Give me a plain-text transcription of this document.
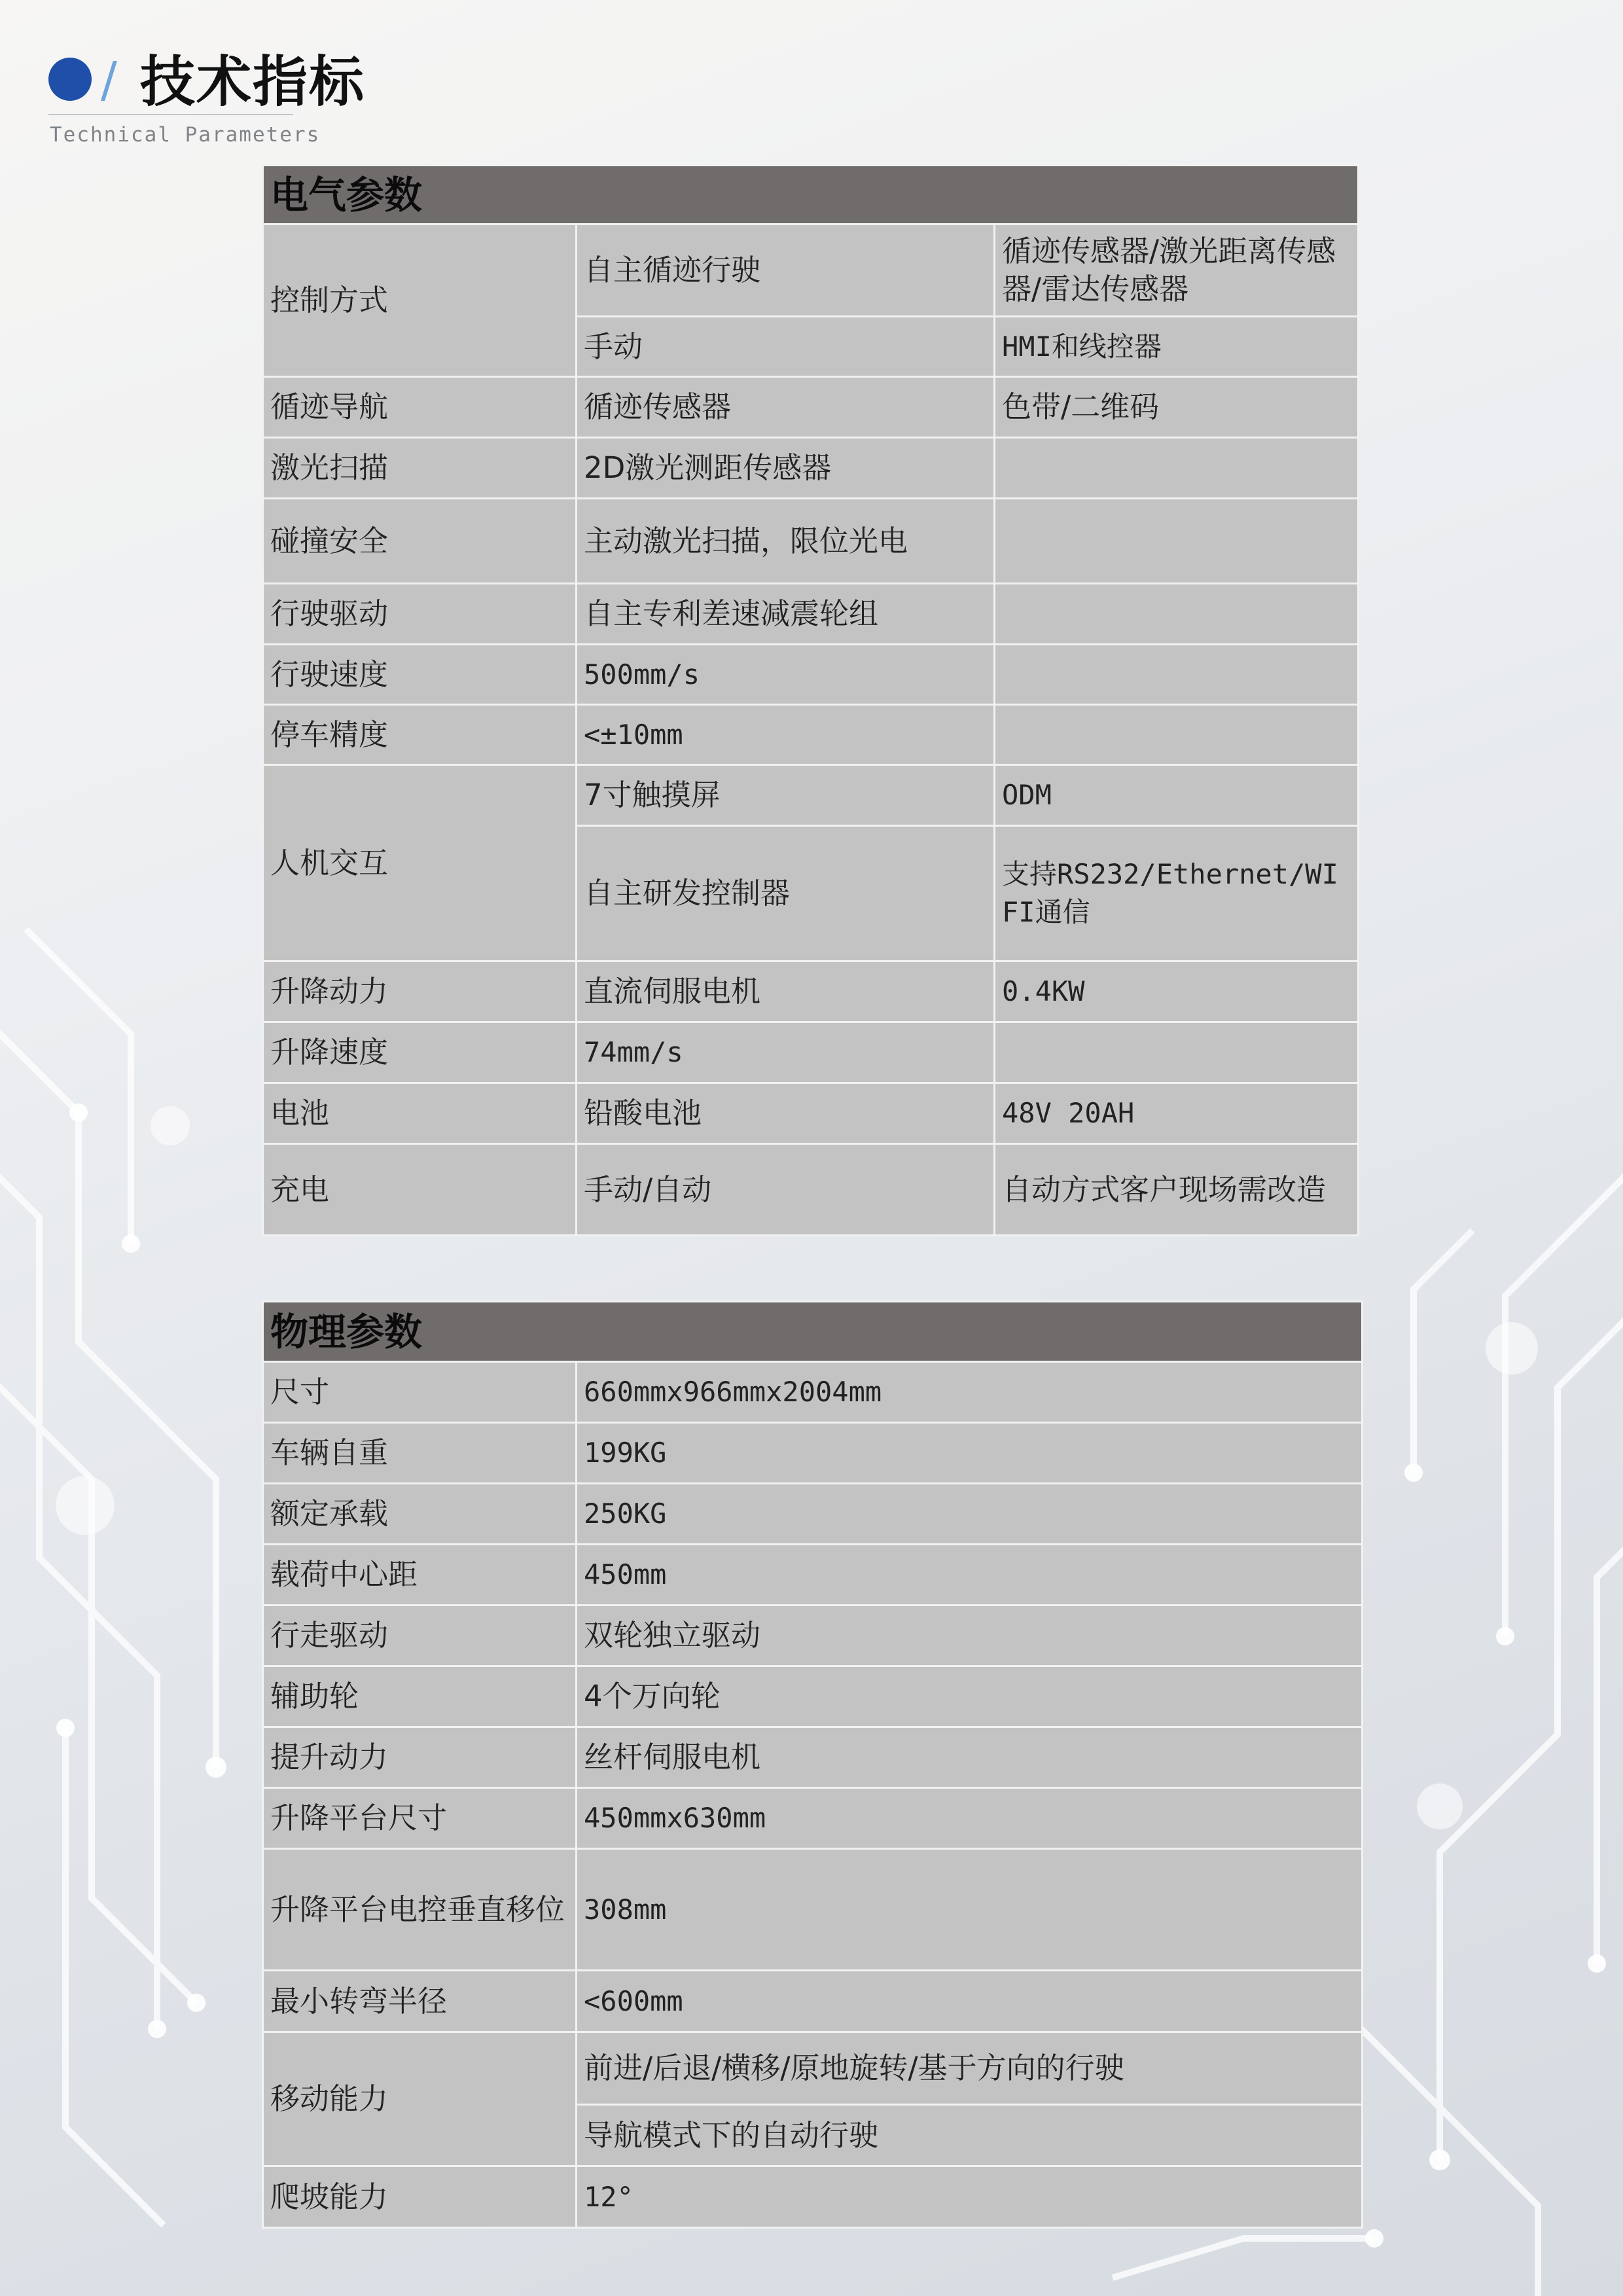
/ 技术指标
Technical Parameters
电气参数		
控制方式	自主循迹行驶	循迹传感器/激光距离传感器/雷达传感器
	手动	HMI和线控器
循迹导航	循迹传感器	色带/二维码
激光扫描	2D激光测距传感器	
碰撞安全	主动激光扫描，限位光电	
行驶驱动	自主专利差速减震轮组	
行驶速度	500mm/s	
停车精度	<±10mm	
人机交互	7寸触摸屏	ODM
	自主研发控制器	支持RS232/Ethernet/WIFI通信
升降动力	直流伺服电机	0.4KW
升降速度	74mm/s	
电池	铅酸电池	48V 20AH
充电	手动/自动	自动方式客户现场需改造
物理参数	
尺寸	660mmx966mmx2004mm
车辆自重	199KG
额定承载	250KG
载荷中心距	450mm
行走驱动	双轮独立驱动
辅助轮	4个万向轮
提升动力	丝杆伺服电机
升降平台尺寸	450mmx630mm
升降平台电控垂直移位	308mm
最小转弯半径	<600mm
移动能力	前进/后退/横移/原地旋转/基于方向的行驶
	导航模式下的自动行驶
爬坡能力	12°
